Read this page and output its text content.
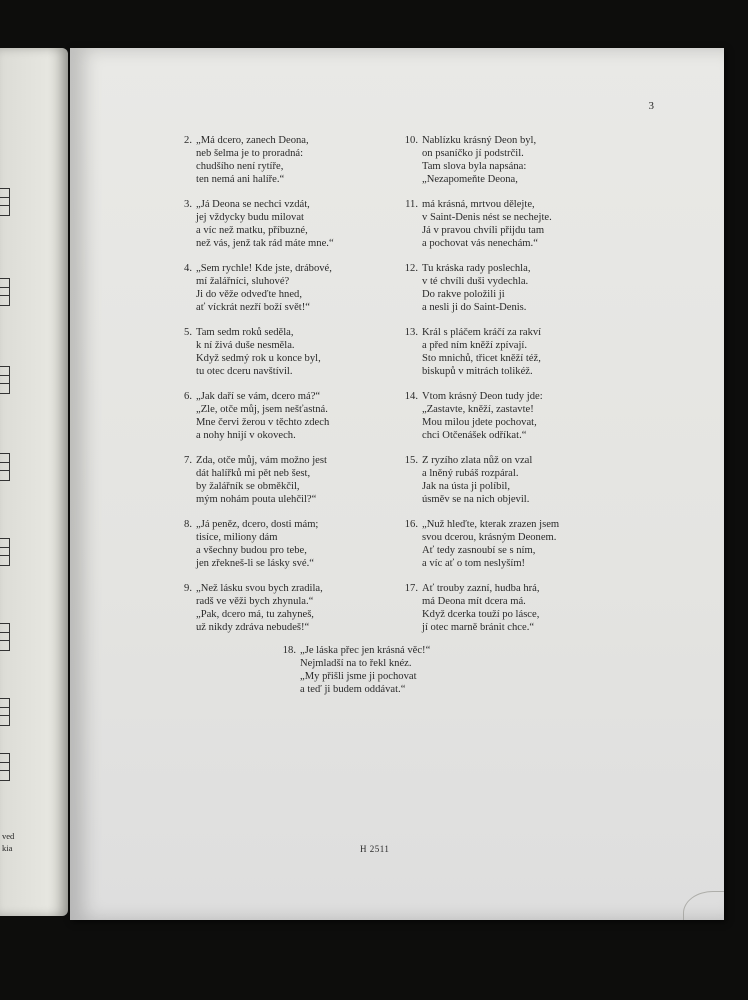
ved
kia
3
2. „Má dcero, zanech Deona,
neb šelma je to proradná:
chudšího není rytíře,
ten nemá ani halíře.“
3. „Já Deona se nechci vzdát,
jej vždycky budu milovat
a víc než matku, příbuzné,
než vás, jenž tak rád máte mne.“
4. „Sem rychle! Kde jste, drábové,
mí žalářníci, sluhové?
Ji do věže odveďte hned,
ať víckrát nezří boží svět!“
5. Tam sedm roků seděla,
k ní živá duše nesměla.
Když sedmý rok u konce byl,
tu otec dceru navštívil.
6. „Jak daří se vám, dcero má?“
„Zle, otče můj, jsem nešťastná.
Mne červi žerou v těchto zdech
a nohy hnijí v okovech.
7. Zda, otče můj, vám možno jest
dát halířků mi pět neb šest,
by žalářník se obměkčil,
mým nohám pouta ulehčil?“
8. „Já peněz, dcero, dosti mám;
tisíce, miliony dám
a všechny budou pro tebe,
jen zřekneš-li se lásky své.“
9. „Než lásku svou bych zradila,
radš ve věži bych zhynula.“
„Pak, dcero má, tu zahyneš,
už nikdy zdráva nebudeš!“
10. Nablízku krásný Deon byl,
on psaníčko jí podstrčil.
Tam slova byla napsána:
„Nezapomeňte Deona,
11. má krásná, mrtvou dělejte,
v Saint-Denis nést se nechejte.
Já v pravou chvíli přijdu tam
a pochovat vás nenechám.“
12. Tu kráska rady poslechla,
v té chvíli duši vydechla.
Do rakve položili ji
a nesli ji do Saint-Denis.
13. Král s pláčem kráčí za rakví
a před ním kněží zpívají.
Sto mnichů, třicet kněží též,
biskupů v mitrách tolikéž.
14. Vtom krásný Deon tudy jde:
„Zastavte, kněží, zastavte!
Mou milou jdete pochovat,
chci Otčenášek odříkat.“
15. Z ryzího zlata nůž on vzal
a lněný rubáš rozpáral.
Jak na ústa ji políbil,
úsměv se na nich objevil.
16. „Nuž hleďte, kterak zrazen jsem
svou dcerou, krásným Deonem.
Ať tedy zasnoubí se s ním,
a víc ať o tom neslyším!
17. Ať trouby zazní, hudba hrá,
má Deona mít dcera má.
Když dcerka touží po lásce,
jí otec marně bránit chce.“
18. „Je láska přec jen krásná věc!“
Nejmladší na to řekl knéz.
„My přišli jsme ji pochovat
a teď ji budem oddávat.“
H 2511
